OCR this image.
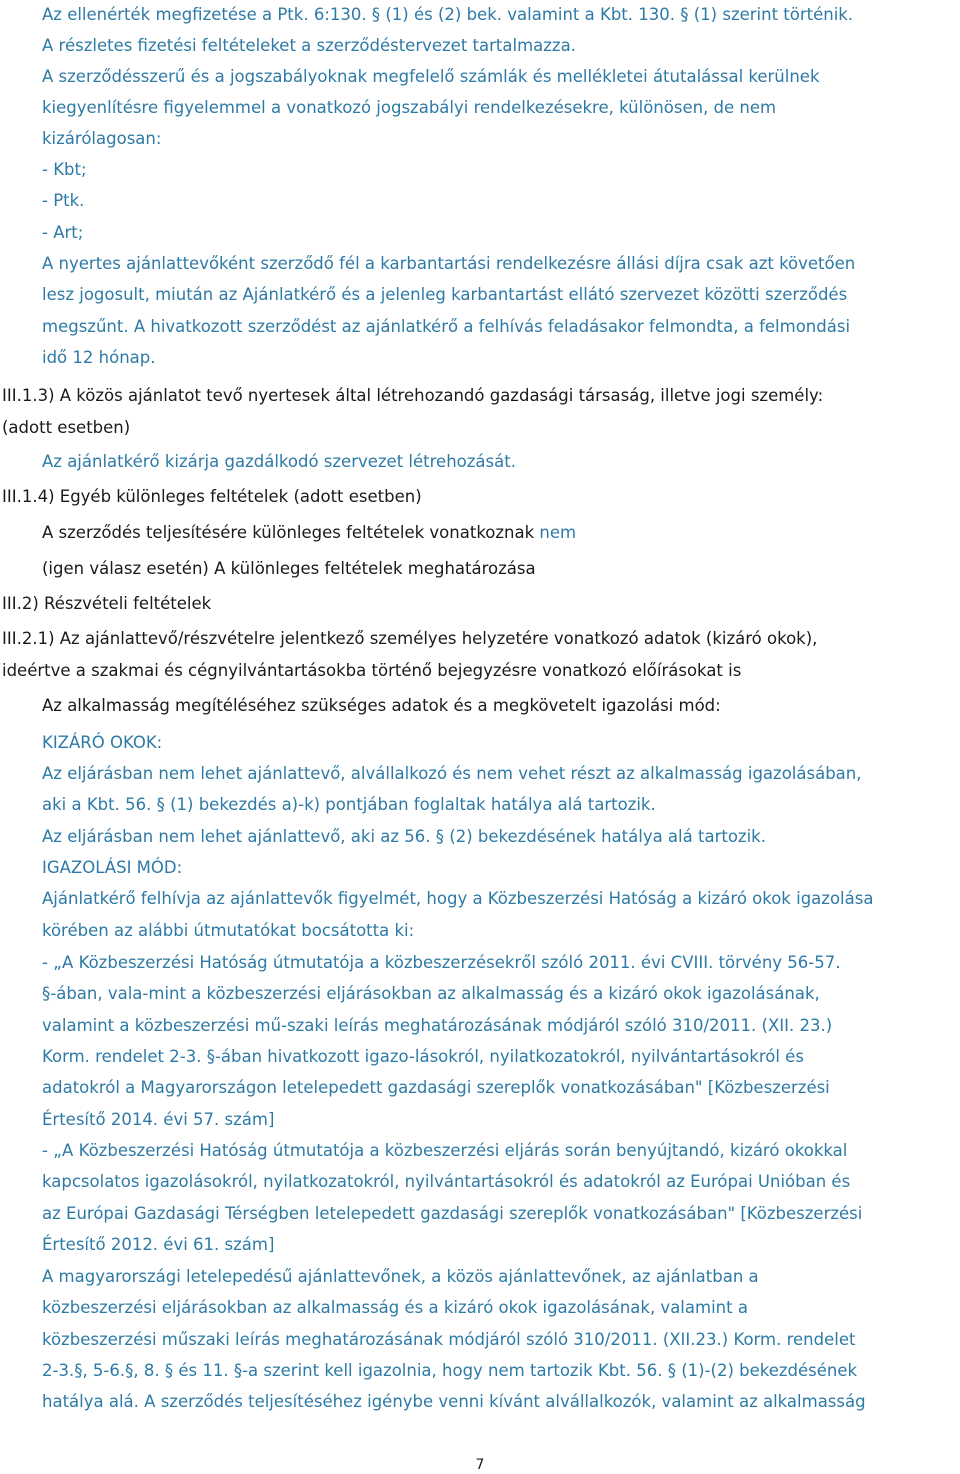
Az ellenérték megfizetése a Ptk. 6:130. § (1) és (2) bek. valamint a Kbt. 130. § (1) szerint történik.
A részletes fizetési feltételeket a szerződéstervezet tartalmazza.
A szerződésszerű és a jogszabályoknak megfelelő számlák és mellékletei átutalással kerülnek
kiegyenlítésre figyelemmel a vonatkozó jogszabályi rendelkezésekre, különösen, de nem
kizárólagosan:
- Kbt;
- Ptk.
- Art;
A nyertes ajánlattevőként szerződő fél a karbantartási rendelkezésre állási díjra csak azt követően
lesz jogosult, miután az Ajánlatkérő és a jelenleg karbantartást ellátó szervezet közötti szerződés
megszűnt. A hivatkozott szerződést az ajánlatkérő a felhívás feladásakor felmondta, a felmondási
idő 12 hónap.
III.1.3) A közös ajánlatot tevő nyertesek által létrehozandó gazdasági társaság, illetve jogi személy:
(adott esetben)
Az ajánlatkérő kizárja gazdálkodó szervezet létrehozását.
III.1.4) Egyéb különleges feltételek (adott esetben)
A szerződés teljesítésére különleges feltételek vonatkoznak nem
(igen válasz esetén) A különleges feltételek meghatározása
III.2) Részvételi feltételek
III.2.1) Az ajánlattevő/részvételre jelentkező személyes helyzetére vonatkozó adatok (kizáró okok),
ideértve a szakmai és cégnyilvántartásokba történő bejegyzésre vonatkozó előírásokat is
Az alkalmasság megítéléséhez szükséges adatok és a megkövetelt igazolási mód:
KIZÁRÓ OKOK:
Az eljárásban nem lehet ajánlattevő, alvállalkozó és nem vehet részt az alkalmasság igazolásában,
aki a Kbt. 56. § (1) bekezdés a)-k) pontjában foglaltak hatálya alá tartozik.
Az eljárásban nem lehet ajánlattevő, aki az 56. § (2) bekezdésének hatálya alá tartozik.
IGAZOLÁSI MÓD:
Ajánlatkérő felhívja az ajánlattevők figyelmét, hogy a Közbeszerzési Hatóság a kizáró okok igazolása
körében az alábbi útmutatókat bocsátotta ki:
- „A Közbeszerzési Hatóság útmutatója a közbeszerzésekről szóló 2011. évi CVIII. törvény 56-57.
§-ában, vala-mint a közbeszerzési eljárásokban az alkalmasság és a kizáró okok igazolásának,
valamint a közbeszerzési mű-szaki leírás meghatározásának módjáról szóló 310/2011. (XII. 23.)
Korm. rendelet 2-3. §-ában hivatkozott igazo-lásokról, nyilatkozatokról, nyilvántartásokról és
adatokról a Magyarországon letelepedett gazdasági szereplők vonatkozásában" [Közbeszerzési
Értesítő 2014. évi 57. szám]
- „A Közbeszerzési Hatóság útmutatója a közbeszerzési eljárás során benyújtandó, kizáró okokkal
kapcsolatos igazolásokról, nyilatkozatokról, nyilvántartásokról és adatokról az Európai Unióban és
az Európai Gazdasági Térségben letelepedett gazdasági szereplők vonatkozásában" [Közbeszerzési
Értesítő 2012. évi 61. szám]
A magyarországi letelepedésű ajánlattevőnek, a közös ajánlattevőnek, az ajánlatban a
közbeszerzési eljárásokban az alkalmasság és a kizáró okok igazolásának, valamint a
közbeszerzési műszaki leírás meghatározásának módjáról szóló 310/2011. (XII.23.) Korm. rendelet
2-3.§, 5-6.§, 8. § és 11. §-a szerint kell igazolnia, hogy nem tartozik Kbt. 56. § (1)-(2) bekezdésének
hatálya alá. A szerződés teljesítéséhez igénybe venni kívánt alvállalkozók, valamint az alkalmasság
7
